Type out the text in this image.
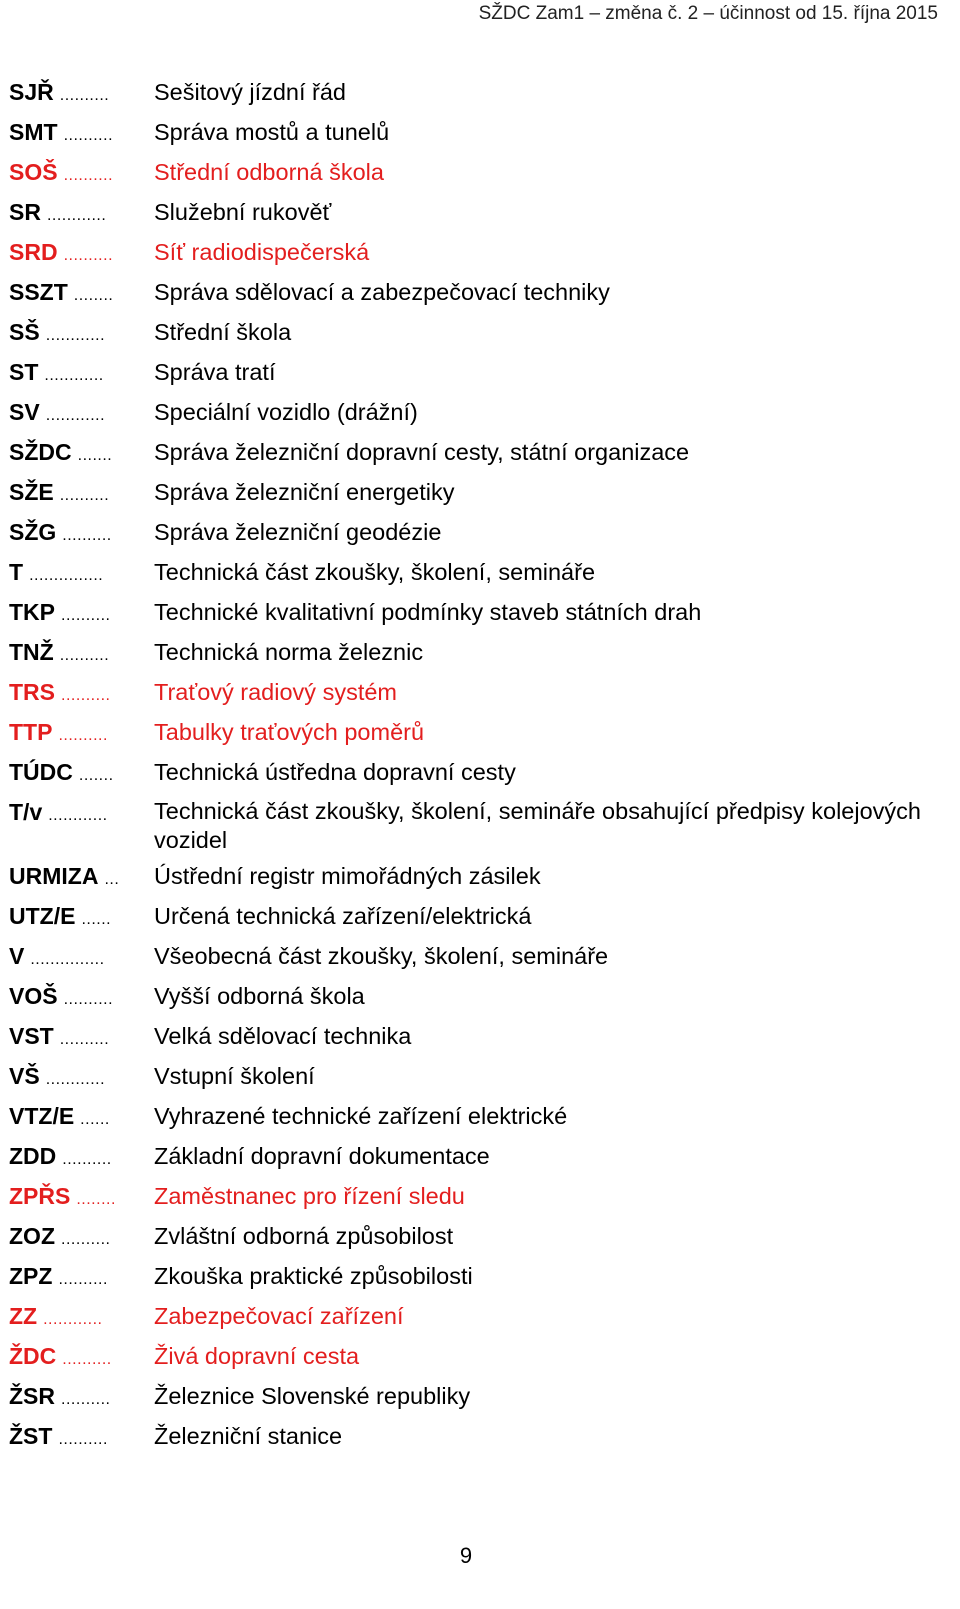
SŽDC Zam1 – změna č. 2 – účinnost od 15. října 2015
SJŘ ..........	Sešitový jízdní řád
SMT ..........	Správa mostů a tunelů
SOŠ ..........	Střední odborná škola
SR ............	Služební rukověť
SRD ..........	Síť radiodispečerská
SSZT ........	Správa sdělovací a zabezpečovací techniky
SŠ ............	Střední škola
ST ............	Správa tratí
SV ............	Speciální vozidlo (drážní)
SŽDC .......	Správa železniční dopravní cesty, státní organizace
SŽE ..........	Správa železniční energetiky
SŽG ..........	Správa železniční geodézie
T ...............	Technická část zkoušky, školení, semináře
TKP ..........	Technické kvalitativní podmínky staveb státních drah
TNŽ ..........	Technická norma železnic
TRS ..........	Traťový radiový systém
TTP ..........	Tabulky traťových poměrů
TÚDC .......	Technická ústředna dopravní cesty
T/v ............	Technická část zkoušky, školení, semináře obsahující předpisy kolejových vozidel
URMIZA ...	Ústřední registr mimořádných zásilek
UTZ/E ......	Určená technická zařízení/elektrická
V ...............	Všeobecná část zkoušky, školení, semináře
VOŠ ..........	Vyšší odborná škola
VST ..........	Velká sdělovací technika
VŠ ............	Vstupní školení
VTZ/E ......	Vyhrazené technické zařízení elektrické
ZDD ..........	Základní dopravní dokumentace
ZPŘS ........	Zaměstnanec pro řízení sledu
ZOZ ..........	Zvláštní odborná způsobilost
ZPZ ..........	Zkouška praktické způsobilosti
ZZ ............	Zabezpečovací zařízení
ŽDC ..........	Živá dopravní cesta
ŽSR ..........	Železnice Slovenské republiky
ŽST ..........	Železniční stanice
9
